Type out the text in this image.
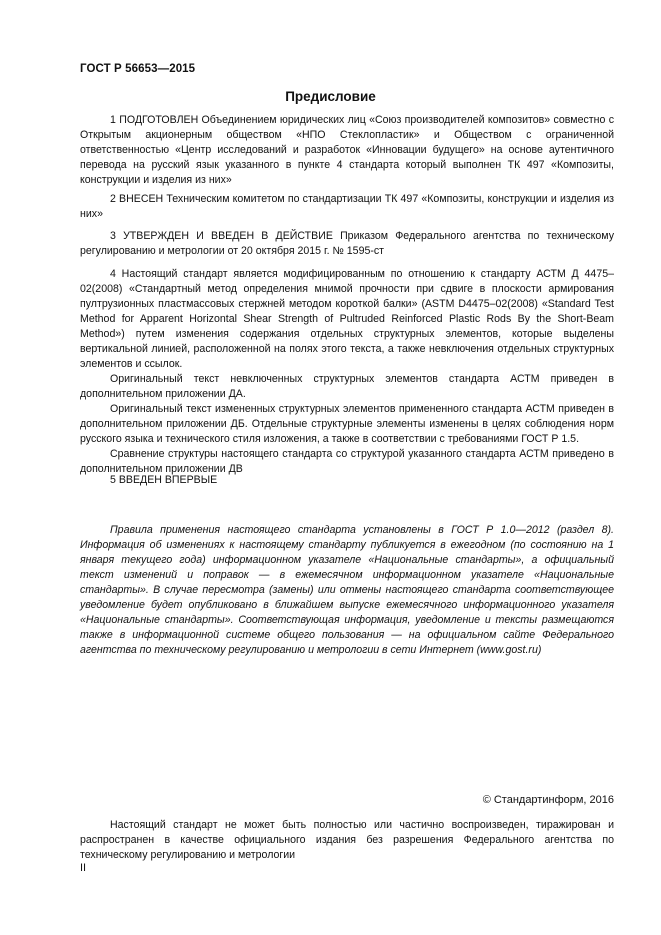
ГОСТ Р 56653—2015
Предисловие

1 ПОДГОТОВЛЕН Объединением юридических лиц «Союз производителей композитов» совместно с Открытым акционерным обществом «НПО Стеклопластик» и Обществом с ограниченной ответственностью «Центр исследований и разработок «Инновации будущего» на основе аутентичного перевода на русский язык указанного в пункте 4 стандарта который выполнен ТК 497 «Композиты, конструкции и изделия из них»

2 ВНЕСЕН Техническим комитетом по стандартизации ТК 497 «Композиты, конструкции и изделия из них»

3 УТВЕРЖДЕН И ВВЕДЕН В ДЕЙСТВИЕ Приказом Федерального агентства по техническому регулированию и метрологии от 20 октября 2015 г. № 1595-ст

4 Настоящий стандарт является модифицированным по отношению к стандарту АСТМ Д 4475–02(2008) «Стандартный метод определения мнимой прочности при сдвиге в плоскости армирования пултрузионных пластмассовых стержней методом короткой балки» (ASTM D4475–02(2008) «Standard Test Method for Apparent Horizontal Shear Strength of Pultruded Reinforced Plastic Rods By the Short-Beam Method») путем изменения содержания отдельных структурных элементов, которые выделены вертикальной линией, расположенной на полях этого текста, а также невключения отдельных структурных элементов и ссылок.

Оригинальный текст невключенных структурных элементов стандарта АСТМ приведен в дополнительном приложении ДА.

Оригинальный текст измененных структурных элементов примененного стандарта АСТМ приведен в дополнительном приложении ДБ. Отдельные структурные элементы изменены в целях соблюдения норм русского языка и технического стиля изложения, а также в соответствии с требованиями ГОСТ Р 1.5.

Сравнение структуры настоящего стандарта со структурой указанного стандарта АСТМ приведено в дополнительном приложении ДВ

5 ВВЕДЕН ВПЕРВЫЕ

Правила применения настоящего стандарта установлены в ГОСТ Р 1.0—2012 (раздел 8). Информация об изменениях к настоящему стандарту публикуется в ежегодном (по состоянию на 1 января текущего года) информационном указателе «Национальные стандарты», а официальный текст изменений и поправок — в ежемесячном информационном указателе «Национальные стандарты». В случае пересмотра (замены) или отмены настоящего стандарта соответствующее уведомление будет опубликовано в ближайшем выпуске ежемесячного информационного указателя «Национальные стандарты». Соответствующая информация, уведомление и тексты размещаются также в информационной системе общего пользования — на официальном сайте Федерального агентства по техническому регулированию и метрологии в сети Интернет (www.gost.ru)

© Стандартинформ, 2016

Настоящий стандарт не может быть полностью или частично воспроизведен, тиражирован и распространен в качестве официального издания без разрешения Федерального агентства по техническому регулированию и метрологии

II
